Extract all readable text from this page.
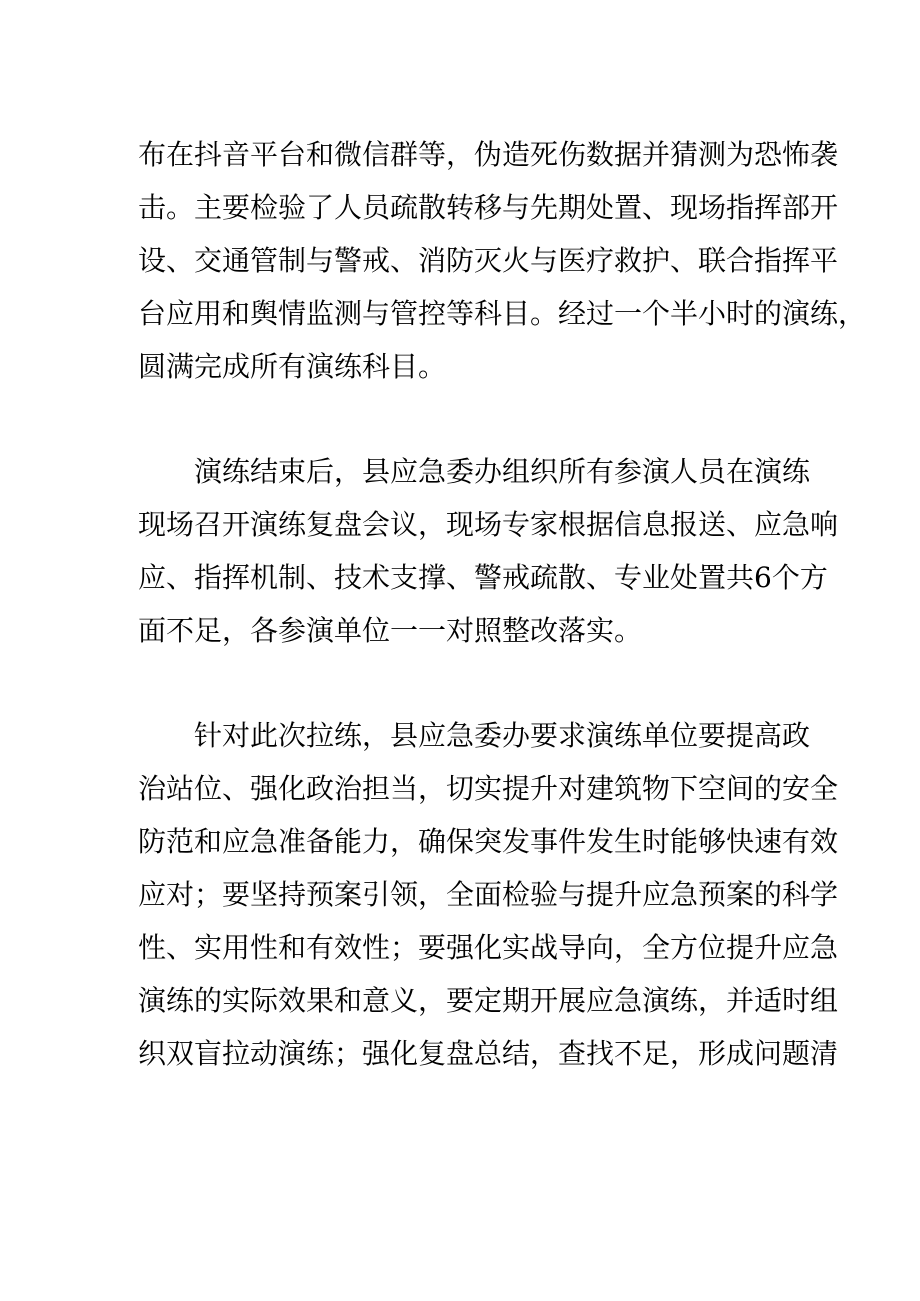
布在抖音平台和微信群等，伪造死伤数据并猜测为恐怖袭
击。主要检验了人员疏散转移与先期处置、现场指挥部开
设、交通管制与警戒、消防灭火与医疗救护、联合指挥平
台应用和舆情监测与管控等科目。经过一个半小时的演练，
圆满完成所有演练科目。
　　演练结束后，县应急委办组织所有参演人员在演练
现场召开演练复盘会议，现场专家根据信息报送、应急响
应、指挥机制、技术支撑、警戒疏散、专业处置共6个方
面不足，各参演单位一一对照整改落实。
　　针对此次拉练，县应急委办要求演练单位要提高政
治站位、强化政治担当，切实提升对建筑物下空间的安全
防范和应急准备能力，确保突发事件发生时能够快速有效
应对；要坚持预案引领，全面检验与提升应急预案的科学
性、实用性和有效性；要强化实战导向，全方位提升应急
演练的实际效果和意义，要定期开展应急演练，并适时组
织双盲拉动演练；强化复盘总结，查找不足，形成问题清
